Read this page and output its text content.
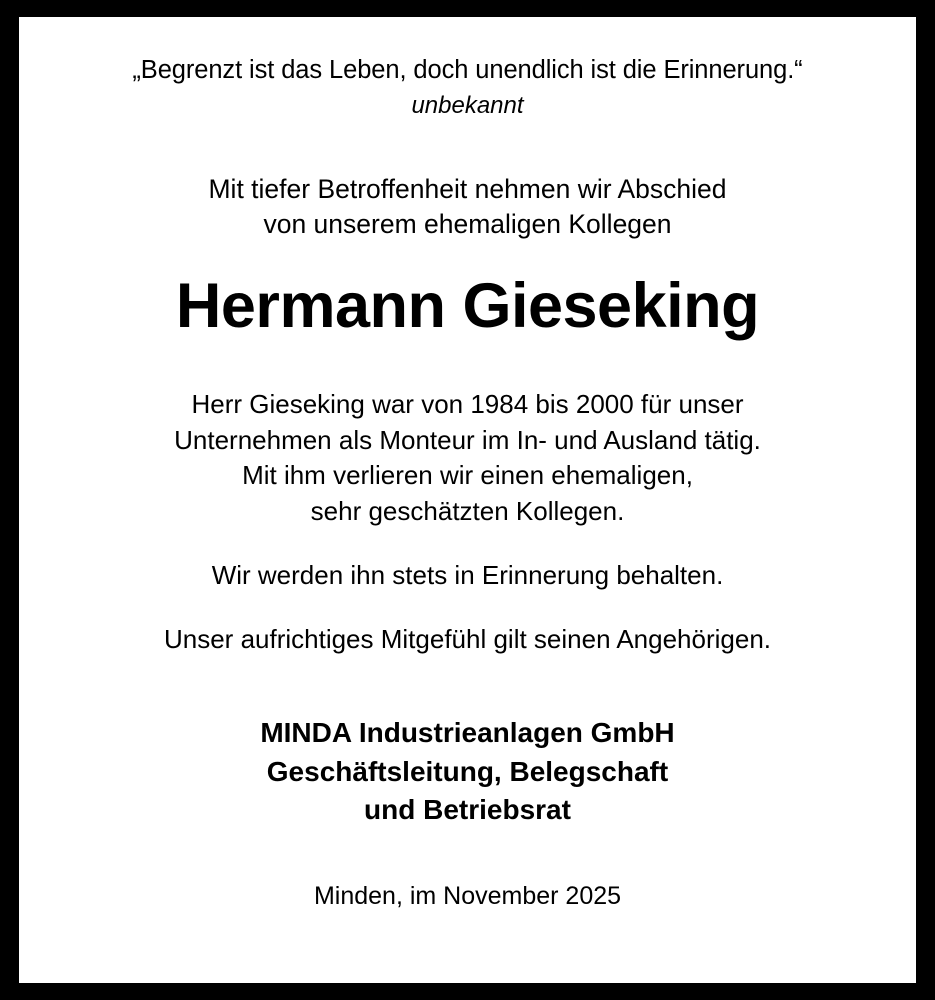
„Begrenzt ist das Leben, doch unendlich ist die Erinnerung.“
unbekannt
Mit tiefer Betroffenheit nehmen wir Abschied
von unserem ehemaligen Kollegen
Hermann Gieseking

Herr Gieseking war von 1984 bis 2000 für unser
Unternehmen als Monteur im In- und Ausland tätig.
Mit ihm verlieren wir einen ehemaligen,
sehr geschätzten Kollegen.

Wir werden ihn stets in Erinnerung behalten.

Unser aufrichtiges Mitgefühl gilt seinen Angehörigen.

MINDA Industrieanlagen GmbH
Geschäftsleitung, Belegschaft
und Betriebsrat
Minden, im November 2025
